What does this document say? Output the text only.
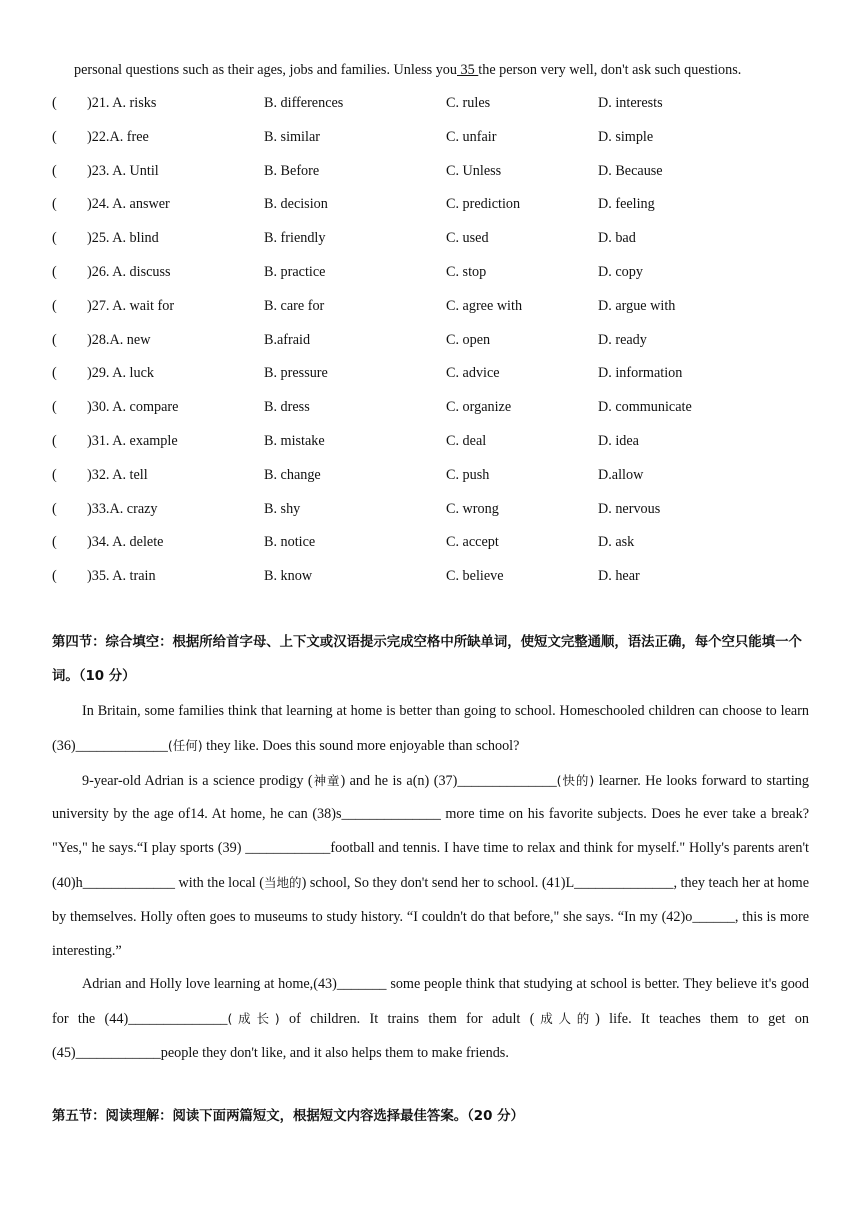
personal questions such as their ages, jobs and families. Unless you 35 the person very well, don't ask such questions.
( )21. A. risks	B. differences	C. rules	D. interests
( )22.A. free	B. similar	C. unfair	D. simple
( )23. A. Until	B. Before	C. Unless	D. Because
( )24. A. answer	B. decision	C. prediction	D. feeling
( )25. A. blind	B. friendly	C. used	D. bad
( )26. A. discuss	B. practice	C. stop	D. copy
( )27. A. wait for	B. care for	C. agree with	D. argue with
( )28.A. new	B.afraid	C. open	D. ready
( )29. A. luck	B. pressure	C. advice	D. information
( )30. A. compare	B. dress	C. organize	D. communicate
( )31. A. example	B. mistake	C. deal	D. idea
( )32. A. tell	B. change	C. push	D.allow
( )33.A. crazy	B. shy	C. wrong	D. nervous
( )34. A. delete	B. notice	C. accept	D. ask
( )35. A. train	B. know	C. believe	D. hear
第四节：综合填空：根据所给首字母、上下文或汉语提示完成空格中所缺单词，使短文完整通顺，语法正确，每个空只能填一个词。（10 分）

In Britain, some families think that learning at home is better than going to school. Homeschooled children can choose to learn (36)_____________(任何) they like. Does this sound more enjoyable than school?

9-year-old Adrian is a science prodigy (神童) and he is a(n) (37)______________(快的) learner. He looks forward to starting university by the age of14. At home, he can (38)s______________ more time on his favorite subjects. Does he ever take a break? "Yes," he says.“I play sports (39) ____________football and tennis. I have time to relax and think for myself." Holly's parents aren't (40)h_____________ with the local (当地的) school, So they don't send her to school. (41)L______________, they teach her at home by themselves. Holly often goes to museums to study history. “I couldn't do that before," she says. “In my (42)o______, this is more interesting.”

Adrian and Holly love learning at home,(43)_______ some people think that studying at school is better. They believe it's good for the (44)______________(成长) of children. It trains them for adult (成人的) life. It teaches them to get on (45)____________people they don't like, and it also helps them to make friends.

第五节：阅读理解：阅读下面两篇短文，根据短文内容选择最佳答案。（20 分）
